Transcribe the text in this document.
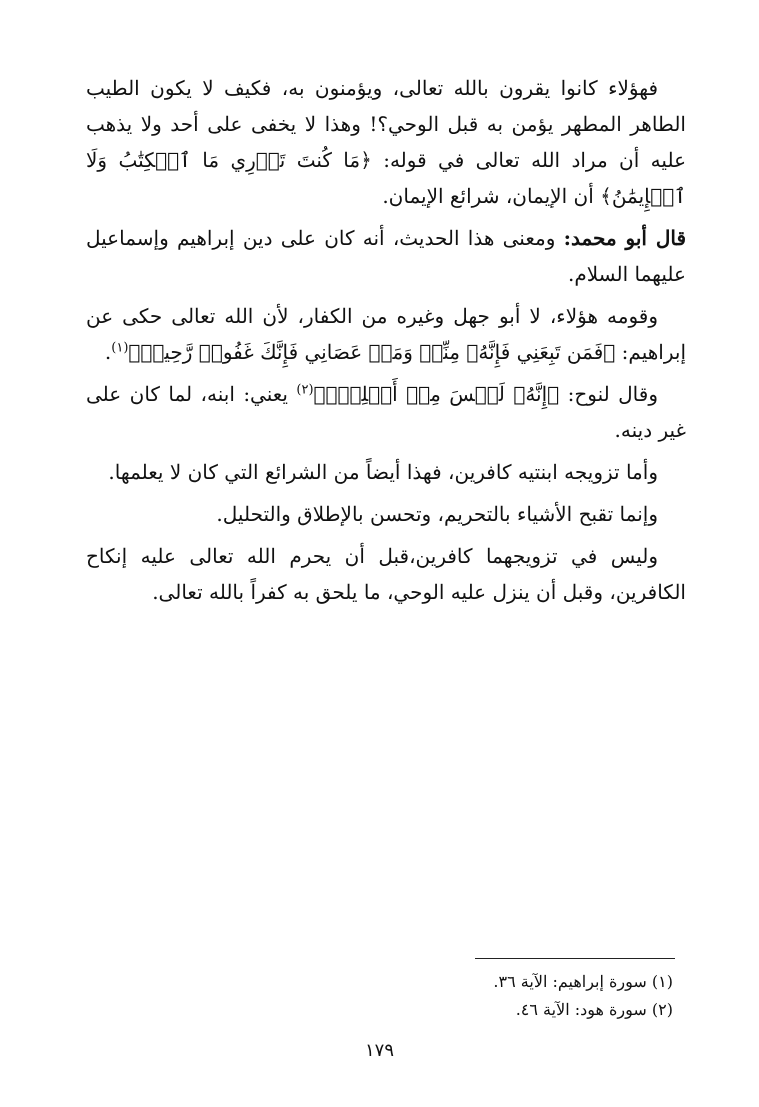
فهؤلاء كانوا يقرون بالله تعالى، ويؤمنون به، فكيف لا يكون الطيب الطاهر المطهر يؤمن به قبل الوحي؟! وهذا لا يخفى على أحد ولا يذهب عليه أن مراد الله تعالى في قوله: ﴿مَا كُنتَ تَدۡرِي مَا ٱلۡكِتَٰبُ وَلَا ٱلۡإِيمَٰنُ﴾ أن الإيمان، شرائع الإيمان.

قال أبو محمد: ومعنى هذا الحديث، أنه كان على دين إبراهيم وإسماعيل عليهما السلام.

وقومه هؤلاء، لا أبو جهل وغيره من الكفار، لأن الله تعالى حكى عن إبراهيم: ﴿فَمَن تَبِعَنِي فَإِنَّهُۥ مِنِّيۖ وَمَنۡ عَصَانِي فَإِنَّكَ غَفُورٞ رَّحِيمٞ﴾$^{(١)}$.

وقال لنوح: ﴿إِنَّهُۥ لَيۡسَ مِنۡ أَهۡلِكَۖ﴾$^{(٢)}$ يعني: ابنه، لما كان على غير دينه.

وأما تزويجه ابنتيه كافرين، فهذا أيضاً من الشرائع التي كان لا يعلمها.

وإنما تقبح الأشياء بالتحريم، وتحسن بالإطلاق والتحليل.

وليس في تزويجهما كافرين،قبل أن يحرم الله تعالى عليه إنكاح الكافرين، وقبل أن ينزل عليه الوحي، ما يلحق به كفراً بالله تعالى.

(١) سورة إبراهيم: الآية ٣٦.

(٢) سورة هود: الآية ٤٦.

١٧٩
